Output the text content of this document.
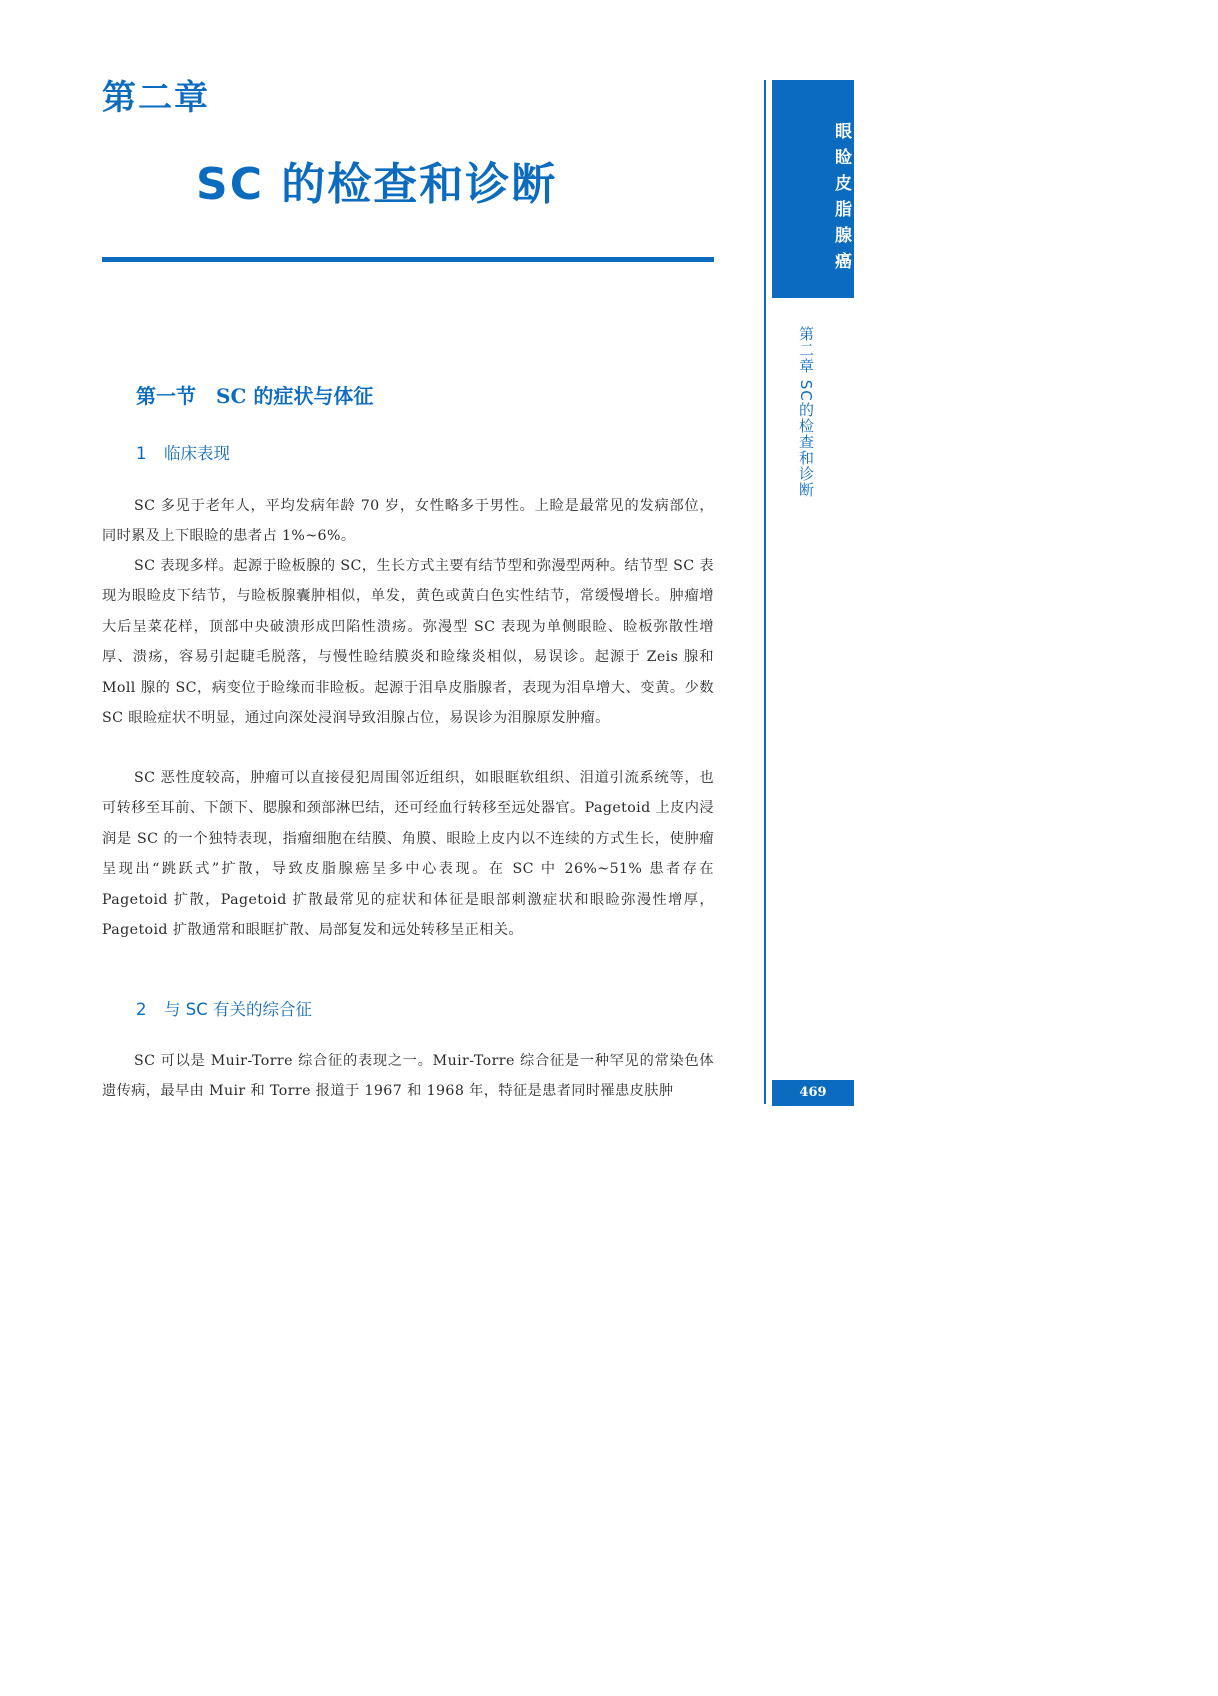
第二章
SC 的检查和诊断	眼睑皮脂腺癌
第二章 SC的检查和诊断
469
第一节　SC 的症状与体征
1 临床表现

SC 多见于老年人，平均发病年龄 70 岁，女性略多于男性。上睑是最常见的发病部位，同时累及上下眼睑的患者占 1%~6%。

SC 表现多样。起源于睑板腺的 SC，生长方式主要有结节型和弥漫型两种。结节型 SC 表现为眼睑皮下结节，与睑板腺囊肿相似，单发，黄色或黄白色实性结节，常缓慢增长。肿瘤增大后呈菜花样，顶部中央破溃形成凹陷性溃疡。弥漫型 SC 表现为单侧眼睑、睑板弥散性增厚、溃疡，容易引起睫毛脱落，与慢性睑结膜炎和睑缘炎相似，易误诊。起源于 Zeis 腺和 Moll 腺的 SC，病变位于睑缘而非睑板。起源于泪阜皮脂腺者，表现为泪阜增大、变黄。少数 SC 眼睑症状不明显，通过向深处浸润导致泪腺占位，易误诊为泪腺原发肿瘤。

SC 恶性度较高，肿瘤可以直接侵犯周围邻近组织，如眼眶软组织、泪道引流系统等，也可转移至耳前、下颌下、腮腺和颈部淋巴结，还可经血行转移至远处器官。Pagetoid 上皮内浸润是 SC 的一个独特表现，指瘤细胞在结膜、角膜、眼睑上皮内以不连续的方式生长，使肿瘤呈现出“跳跃式”扩散，导致皮脂腺癌呈多中心表现。在 SC 中 26%~51% 患者存在 Pagetoid 扩散，Pagetoid 扩散最常见的症状和体征是眼部刺激症状和眼睑弥漫性增厚，Pagetoid 扩散通常和眼眶扩散、局部复发和远处转移呈正相关。

2 与 SC 有关的综合征

SC 可以是 Muir-Torre 综合征的表现之一。Muir-Torre 综合征是一种罕见的常染色体遗传病，最早由 Muir 和 Torre 报道于 1967 和 1968 年，特征是患者同时罹患皮肤肿
